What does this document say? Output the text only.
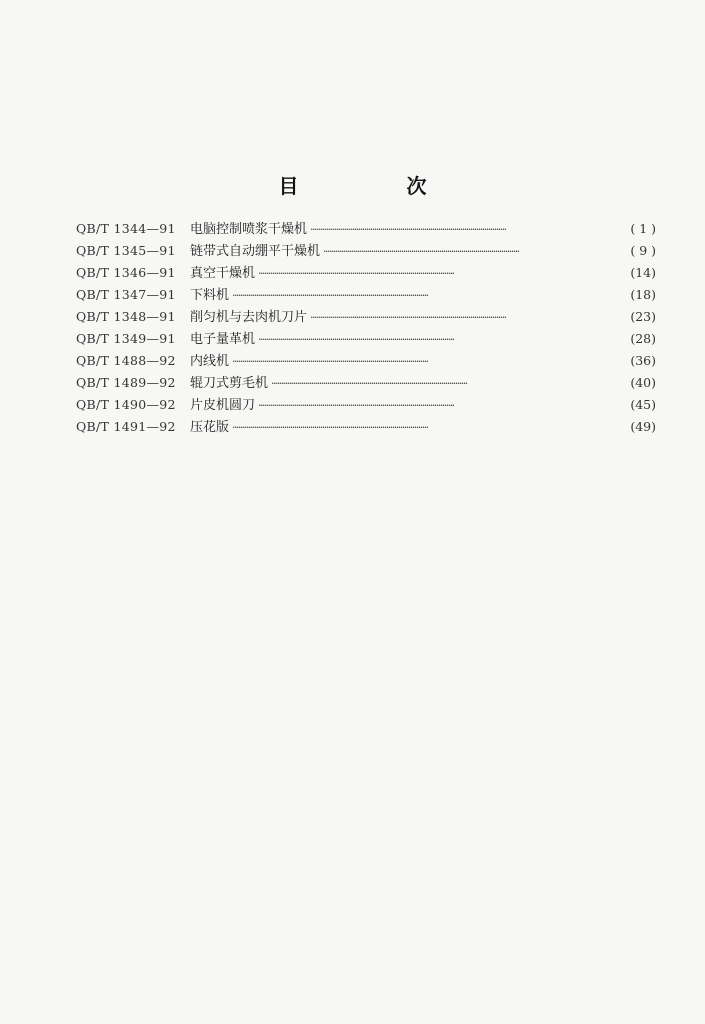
目　次
QB/T 1344—91	电脑控制喷浆干燥机 ··································································································	( 1 )
QB/T 1345—91	链带式自动绷平干燥机 ··································································································	( 9 )
QB/T 1346—91	真空干燥机 ··································································································	(14)
QB/T 1347—91	下料机 ··································································································	(18)
QB/T 1348—91	削匀机与去肉机刀片 ··································································································	(23)
QB/T 1349—91	电子量革机 ··································································································	(28)
QB/T 1488—92	内线机 ··································································································	(36)
QB/T 1489—92	辊刀式剪毛机 ··································································································	(40)
QB/T 1490—92	片皮机圆刀 ··································································································	(45)
QB/T 1491—92	压花版 ··································································································	(49)
